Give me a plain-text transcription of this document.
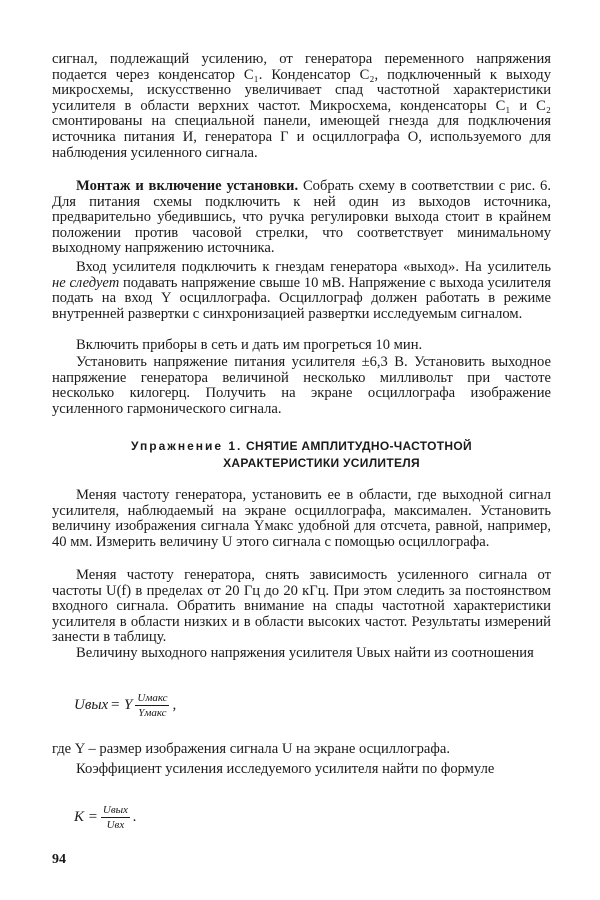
сигнал, подлежащий усилению, от генератора переменного напряжения подается через конденсатор C₁. Конденсатор C₂, подключенный к выходу микросхемы, искусственно увеличивает спад частотной характеристики усилителя в области верхних частот. Микросхема, конденсаторы C₁ и C₂ смонтированы на специальной панели, имеющей гнезда для подключения источника питания И, генератора Г и осциллографа О, используемого для наблюдения усиленного сигнала.

Монтаж и включение установки. Собрать схему в соответствии с рис. 6. Для питания схемы подключить к ней один из выходов источника, предварительно убедившись, что ручка регулировки выхода стоит в крайнем положении против часовой стрелки, что соответствует минимальному выходному напряжению источника.

Вход усилителя подключить к гнездам генератора «выход». На усилитель не следует подавать напряжение свыше 10 мВ. Напряжение с выхода усилителя подать на вход Y осциллографа. Осциллограф должен работать в режиме внутренней развертки с синхронизацией развертки исследуемым сигналом.

Включить приборы в сеть и дать им прогреться 10 мин.

Установить напряжение питания усилителя ±6,3 В. Установить выходное напряжение генератора величиной несколько милливольт при частоте несколько килогерц. Получить на экране осциллографа изображение усиленного гармонического сигнала.

Упражнение 1. СНЯТИЕ АМПЛИТУДНО-ЧАСТОТНОЙ
ХАРАКТЕРИСТИКИ УСИЛИТЕЛЯ

Меняя частоту генератора, установить ее в области, где выходной сигнал усилителя, наблюдаемый на экране осциллографа, максимален. Установить величину изображения сигнала Yмакс удобной для отсчета, равной, например, 40 мм. Измерить величину U этого сигнала с помощью осциллографа.

Меняя частоту генератора, снять зависимость усиленного сигнала от частоты U(f) в пределах от 20 Гц до 20 кГц. При этом следить за постоянством входного сигнала. Обратить внимание на спады частотной характеристики усилителя в области низких и в области высоких частот. Результаты измерений занести в таблицу.

Величину выходного напряжения усилителя Uвых найти из соотношения

Uвых = Y $\frac{\text{Uмакс}}{\text{Yмакс}}$ ,

где Y – размер изображения сигнала U на экране осциллографа.

Коэффициент усиления исследуемого усилителя найти по формуле

$K = \frac{\text{Uвых}}{\text{Uвх}}$ .
94
